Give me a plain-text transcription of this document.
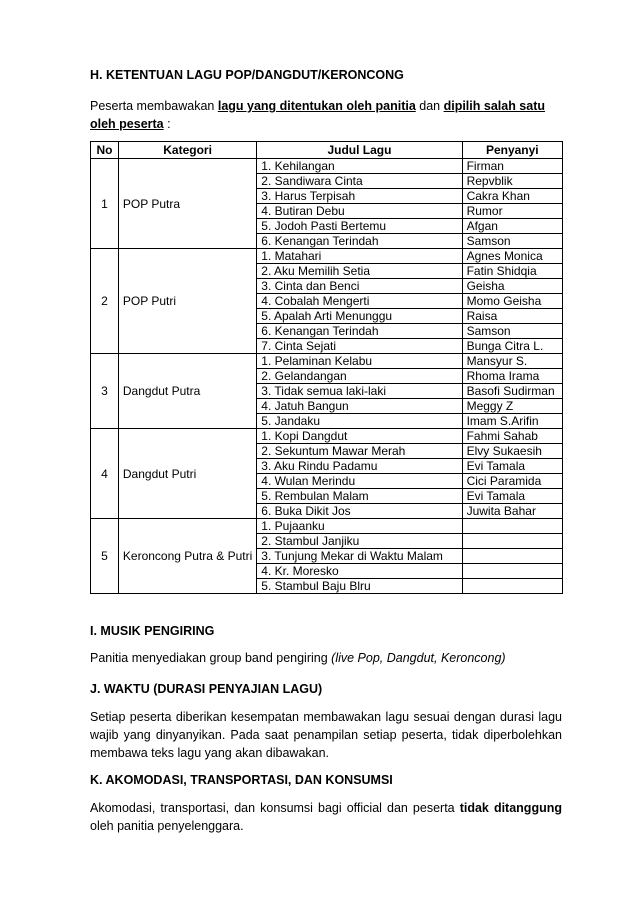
H. KETENTUAN LAGU POP/DANGDUT/KERONCONG

Peserta membawakan lagu yang ditentukan oleh panitia dan dipilih salah satu oleh peserta :

No	Kategori	Judul Lagu	Penyanyi
1	POP Putra	1. Kehilangan	Firman
		2. Sandiwara Cinta	Repvblik
		3. Harus Terpisah	Cakra Khan
		4. Butiran Debu	Rumor
		5. Jodoh Pasti Bertemu	Afgan
		6. Kenangan Terindah	Samson
2	POP Putri	1. Matahari	Agnes Monica
		2. Aku Memilih Setia	Fatin Shidqia
		3. Cinta dan Benci	Geisha
		4. Cobalah Mengerti	Momo Geisha
		5. Apalah Arti Menunggu	Raisa
		6. Kenangan Terindah	Samson
		7. Cinta Sejati	Bunga Citra L.
3	Dangdut Putra	1. Pelaminan Kelabu	Mansyur S.
		2. Gelandangan	Rhoma Irama
		3. Tidak semua laki-laki	Basofi Sudirman
		4. Jatuh Bangun	Meggy Z
		5. Jandaku	Imam S.Arifin
4	Dangdut Putri	1. Kopi Dangdut	Fahmi Sahab
		2. Sekuntum Mawar Merah	Elvy Sukaesih
		3. Aku Rindu Padamu	Evi Tamala
		4. Wulan Merindu	Cici Paramida
		5. Rembulan Malam	Evi Tamala
		6. Buka Dikit Jos	Juwita Bahar
5	Keroncong Putra & Putri	1. Pujaanku	
		2. Stambul Janjiku	
		3. Tunjung Mekar di Waktu Malam	
		4. Kr. Moresko	
		5. Stambul Baju Blru	

I. MUSIK PENGIRING

Panitia menyediakan group band pengiring (live Pop, Dangdut, Keroncong)

J. WAKTU (DURASI PENYAJIAN LAGU)

Setiap peserta diberikan kesempatan membawakan lagu sesuai dengan durasi lagu wajib yang dinyanyikan. Pada saat penampilan setiap peserta, tidak diperbolehkan membawa teks lagu yang akan dibawakan.

K. AKOMODASI, TRANSPORTASI, DAN KONSUMSI

Akomodasi, transportasi, dan konsumsi bagi official dan peserta tidak ditanggung oleh panitia penyelenggara.
